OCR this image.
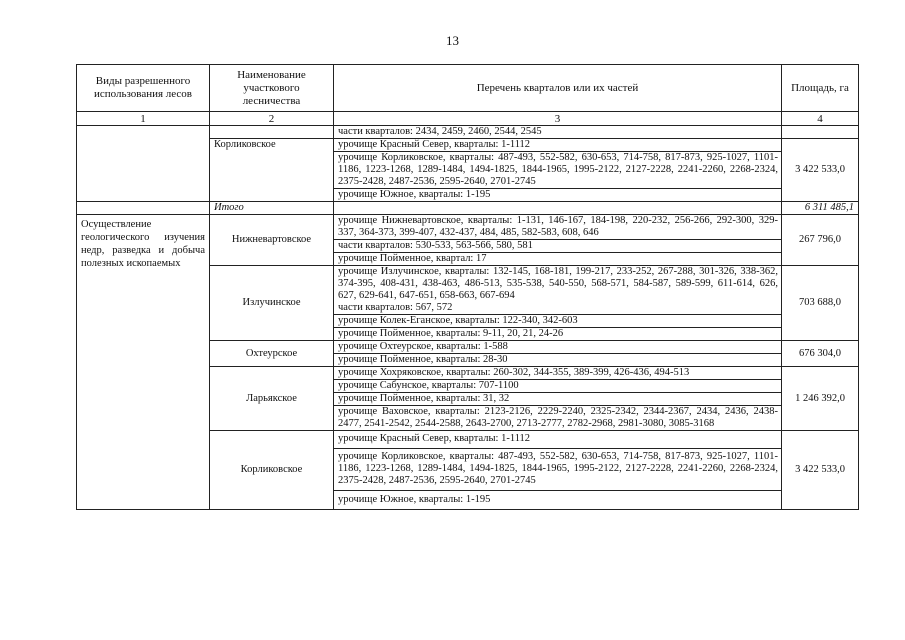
13
Виды разрешенного использования лесов	Наименование участкового лесничества	Перечень кварталов или их частей	Площадь, га
1	2	3	4
		части кварталов: 2434, 2459, 2460, 2544, 2545	
	Корликовское	урочище Красный Север, кварталы: 1-1112
урочище Корликовское, кварталы: 487-493, 552-582, 630-653, 714-758, 817-873, 925-1027, 1101-1186, 1223-1268, 1289-1484, 1494-1825, 1844-1965, 1995-2122, 2127-2228, 2241-2260, 2268-2324, 2375-2428, 2487-2536, 2595-2640, 2701-2745
урочище Южное, кварталы: 1-195	3 422 533,0
	Итого		6 311 485,1
Осуществление геологического изучения недр, разведка и добыча полезных ископаемых	Нижневартовское	урочище Нижневартовское, кварталы: 1-131, 146-167, 184-198, 220-232, 256-266, 292-300, 329-337, 364-373, 399-407, 432-437, 484, 485, 582-583, 608, 646
части кварталов: 530-533, 563-566, 580, 581
урочище Пойменное, квартал: 17	267 796,0
	Излучинское	урочище Излучинское, кварталы: 132-145, 168-181, 199-217, 233-252, 267-288, 301-326, 338-362, 374-395, 408-431, 438-463, 486-513, 535-538, 540-550, 568-571, 584-587, 589-599, 611-614, 626, 627, 629-641, 647-651, 658-663, 667-694
части кварталов: 567, 572
урочище Колек-Еганское, кварталы: 122-340, 342-603
урочище Пойменное, кварталы: 9-11, 20, 21, 24-26	703 688,0
	Охтеурское	урочище Охтеурское, кварталы: 1-588
урочище Пойменное, кварталы: 28-30	676 304,0
	Ларьякское	урочище Хохряковское, кварталы: 260-302, 344-355, 389-399, 426-436, 494-513
урочище Сабунское, кварталы: 707-1100
урочище Пойменное, кварталы: 31, 32
урочище Ваховское, кварталы: 2123-2126, 2229-2240, 2325-2342, 2344-2367, 2434, 2436, 2438-2477, 2541-2542, 2544-2588, 2643-2700, 2713-2777, 2782-2968, 2981-3080, 3085-3168	1 246 392,0
	Корликовское	урочище Красный Север, кварталы: 1-1112
урочище Корликовское, кварталы: 487-493, 552-582, 630-653, 714-758, 817-873, 925-1027, 1101-1186, 1223-1268, 1289-1484, 1494-1825, 1844-1965, 1995-2122, 2127-2228, 2241-2260, 2268-2324, 2375-2428, 2487-2536, 2595-2640, 2701-2745
урочище Южное, кварталы: 1-195	3 422 533,0
